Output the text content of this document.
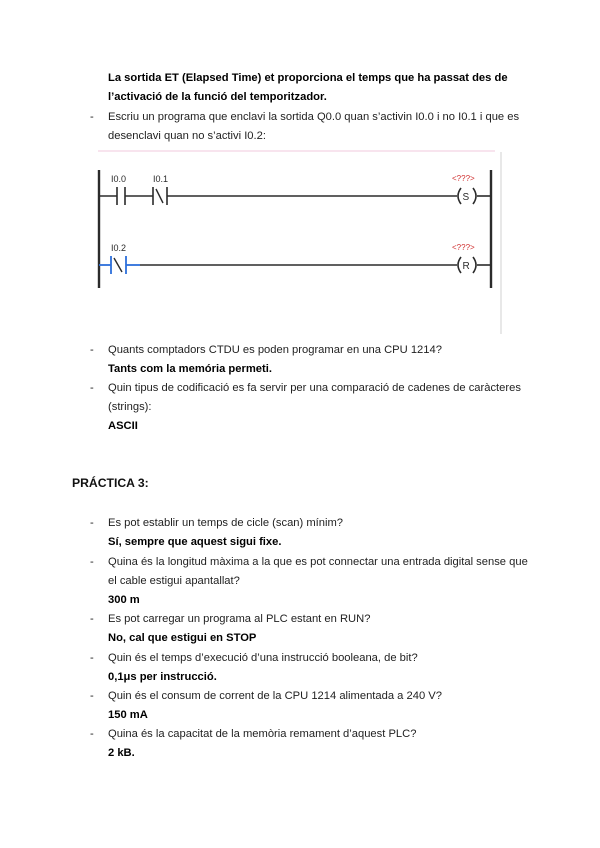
La sortida ET (Elapsed Time) et proporciona el temps que ha passat des de
l’activació de la funció del temporitzador.
- Escriu un programa que enclavi la sortida Q0.0 quan s’activin I0.0 i no I0.1 i que es
desenclavi quan no s’activi I0.2:
I0.0	I0.1	<???>
S
I0.2	<???>
R
- Quants comptadors CTDU es poden programar en una CPU 1214?
Tants com la memória permeti.
- Quin tipus de codificació es fa servir per una comparació de cadenes de caràcteres
(strings):
ASCII
PRÁCTICA 3:
- Es pot establir un temps de cicle (scan) mínim?
Sí, sempre que aquest sigui fixe.
- Quina és la longitud màxima a la que es pot connectar una entrada digital sense que
el cable estigui apantallat?
300 m
- Es pot carregar un programa al PLC estant en RUN?
No, cal que estigui en STOP
- Quin és el temps d’execució d’una instrucció booleana, de bit?
0,1μs per instrucció.
- Quin és el consum de corrent de la CPU 1214 alimentada a 240 V?
150 mA
- Quina és la capacitat de la memòria remament d’aquest PLC?
2 kB.
